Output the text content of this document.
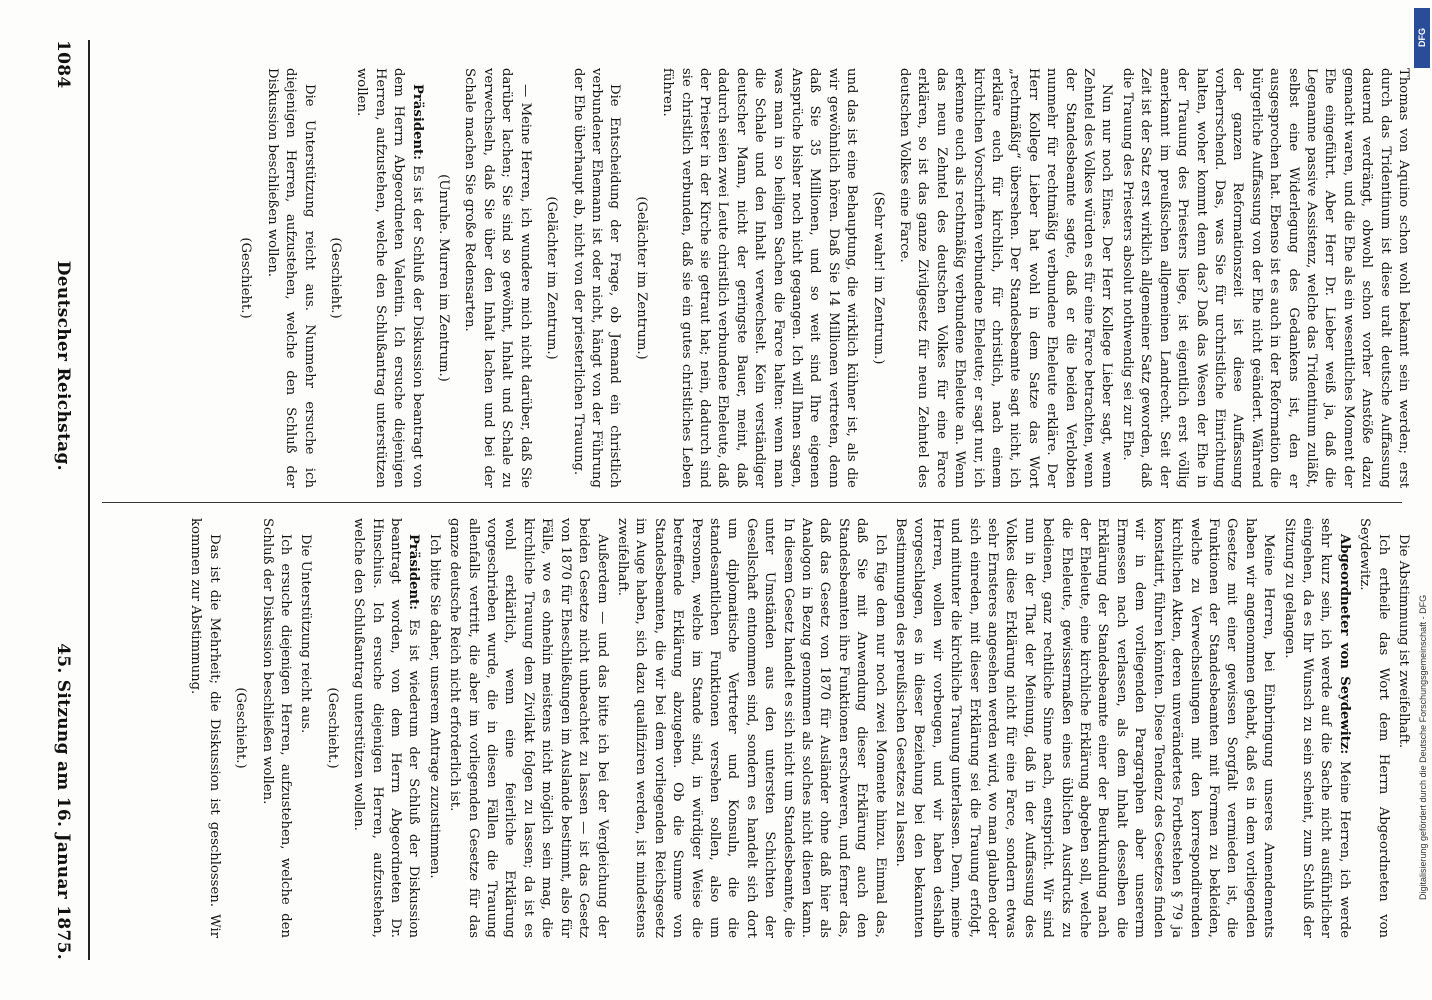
DFG
Digitalisierung gefördert durch die Deutsche Forschungsgemeinschaft - DFG
1084
Deutscher Reichstag.
45. Sitzung am 16. Januar 1875.

Thomas von Aquino schon wohl bekannt sein werden; erst durch das Tridentinum ist diese uralt deutsche Auffassung dauernd verdrängt, obwohl schon vorher Anstöße dazu gemacht waren, und die Ehe als ein wesentliches Moment der Ehe eingeführt. Aber Herr Dr. Lieber weiß ja, daß die Legenanne passive Assistenz, welche das Tridentinum zuläßt, selbst eine Widerlegung des Gedankens ist, den er ausgesprochen hat. Ebenso ist es auch in der Reformation die bürgerliche Auffassung von der Ehe nicht geändert. Während der ganzen Reformationszeit ist diese Auffassung vorherrschend. Das, was Sie für urchristliche Einrichtung halten, woher kommt denn das? Daß das Wesen der Ehe in der Trauung des Priesters liege, ist eigentlich erst völlig anerkannt im preußischen allgemeinen Landrecht. Seit der Zeit ist der Satz erst wirklich allgemeiner Satz geworden, daß die Trauung des Priesters absolut nothwendig sei zur Ehe.

Nun nur noch Eines. Der Herr Kollege Lieber sagt, wenn Zehntel des Volkes würden es für eine Farce betrachten, wenn der Standesbeamte sagte, daß er die beiden Verlobten nunmehr für rechtmäßig verbundene Eheleute erkläre. Der Herr Kollege Lieber hat wohl in dem Satze das Wort „rechtmäßig“ übersehen. Der Standesbeamte sagt nicht, ich erkläre euch für kirchlich, für christlich, nach einem kirchlichen Vorschriften verbundene Eheleute; er sagt nur, ich erkenne euch als rechtmäßig verbundene Eheleute an. Wenn das neun Zehntel des deutschen Volkes für eine Farce erklären, so ist das ganze Zivilgesetz für neun Zehntel des deutschen Volkes eine Farce.

(Sehr wahr! im Zentrum.)

und das ist eine Behauptung, die wirklich kühner ist, als die wir gewöhnlich hören. Daß Sie 14 Millionen vertreten, denn daß Sie 35 Millionen, und so weit sind Ihre eigenen Ansprüche bisher noch nicht gegangen. Ich will Ihnen sagen, was man in so heiligen Sachen die Farce halten: wenn man die Schale und den Inhalt verwechselt. Kein verständiger deutscher Mann, nicht der geringste Bauer, meint, daß dadurch seien zwei Leute christlich verbundene Eheleute, daß der Priester in der Kirche sie getraut hat; nein, dadurch sind sie christlich verbunden, daß sie ein gutes christliches Leben führen.

(Gelächter im Zentrum.)

Die Entscheidung der Frage, ob Jemand ein christlich verbundener Ehemann ist oder nicht, hängt von der Führung der Ehe überhaupt ab, nicht von der priesterlichen Trauung.

(Gelächter im Zentrum.)

— Meine Herren, ich wundere mich nicht darüber, daß Sie darüber lachen; Sie sind so gewöhnt, Inhalt und Schale zu verwechseln, daß Sie über den Inhalt lachen und bei der Schale machen Sie große Redensarten.

(Unruhe. Murren im Zentrum.)

Präsident: Es ist der Schluß der Diskussion beantragt von dem Herrn Abgeordneten Valentin. Ich ersuche diejenigen Herren, aufzustehen, welche den Schlußantrag unterstützen wollen.

(Geschieht.)

Die Unterstützung reicht aus. Nunmehr ersuche ich diejenigen Herren, aufzustehen, welche den Schluß der Diskussion beschließen wollen.

(Geschieht.)

Die Abstimmung ist zweifelhaft.

Ich ertheile das Wort dem Herrn Abgeordneten von Seydewitz.

Abgeordneter von Seydewitz: Meine Herren, ich werde sehr kurz sein, ich werde auf die Sache nicht ausführlicher eingehen, da es Ihr Wunsch zu sein scheint, zum Schluß der Sitzung zu gelangen.

Meine Herren, bei Einbringung unseres Amendements haben wir angenommen gehabt, daß es in dem vorliegenden Gesetze mit einer gewissen Sorgfalt vermieden ist, die Funktionen der Standesbeamten mit Formen zu bekleiden, welche zu Verwechselungen mit den korrespondirenden kirchlichen Akten, deren unverändertes Fortbestehen § 79 ja konstatirt, führen könnten. Diese Tendenz des Gesetzes finden wir in dem vorliegenden Paragraphen aber unsererm Ermessen nach verlassen, als dem Inhalt desselben die Erklärung der Standesbeamte einer der Beurkundung nach der Eheleute, eine kirchliche Erklärung abgeben soll, welche die Eheleute, gewissermaßen eines üblichen Ausdrucks zu bedienen, ganz rechtliche Sinne nach, entspricht. Wir sind nun in der That der Meinung, daß in der Auffassung des Volkes diese Erklärung nicht für eine Farce, sondern etwas sehr Ernsteres angesehen werden wird, wo man glauben oder sich einreden, mit dieser Erklärung sei die Trauung erfolgt, und mitunter die kirchliche Trauung unterlassen. Denn, meine Herren, wollen wir vorbeugen, und wir haben deshalb vorgeschlagen, es in dieser Beziehung bei den bekannten Bestimmungen des preußischen Gesetzes zu lassen.

Ich füge dem nur noch zwei Momente hinzu. Einmal das, daß Sie mit Anwendung dieser Erklärung auch den Standesbeamten ihre Funktionen erschweren, und ferner das, daß das Gesetz von 1870 für Ausländer ohne daß hier als Analogon in Bezug genommen als solches nicht dienen kann. In diesem Gesetz handelt es sich nicht um Standesbeamte, die unter Umständen aus den untersten Schichten der Gesellschaft entnommen sind, sondern es handelt sich dort um diplomatische Vertreter und Konsuln, die die standesamtlichen Funktionen versehen sollen, also um Personen, welche im Stande sind, in würdiger Weise die betreffende Erklärung abzugeben. Ob die Summe von Standesbeamten, die wir bei dem vorliegenden Reichsgesetz im Auge haben, sich dazu qualifiziren werden, ist mindestens zweifelhaft.

Außerdem — und das bitte ich bei der Vergleichung der beiden Gesetze nicht unbeachtet zu lassen — ist das Gesetz von 1870 für Eheschließungen im Auslande bestimmt, also für Fälle, wo es ohnehin meistens nicht möglich sein mag, die kirchliche Trauung dem Zivilakt folgen zu lassen; da ist es wohl erklärlich, wenn eine feierliche Erklärung vorgeschrieben wurde, die in diesen Fällen die Trauung allenfalls vertritt, die aber im vorliegenden Gesetze für das ganze deutsche Reich nicht erforderlich ist.

Ich bitte Sie daher, unserem Antrage zuzustimmen.

Präsident: Es ist wiederum der Schluß der Diskussion beantragt worden, von dem Herrn Abgeordneten Dr. Hinschius. Ich ersuche diejenigen Herren, aufzustehen, welche den Schlußantrag unterstützen wollen.

(Geschieht.)

Die Unterstützung reicht aus.

Ich ersuche diejenigen Herren, aufzustehen, welche den Schluß der Diskussion beschließen wollen.

(Geschieht.)

Das ist die Mehrheit; die Diskussion ist geschlossen. Wir kommen zur Abstimmung.
